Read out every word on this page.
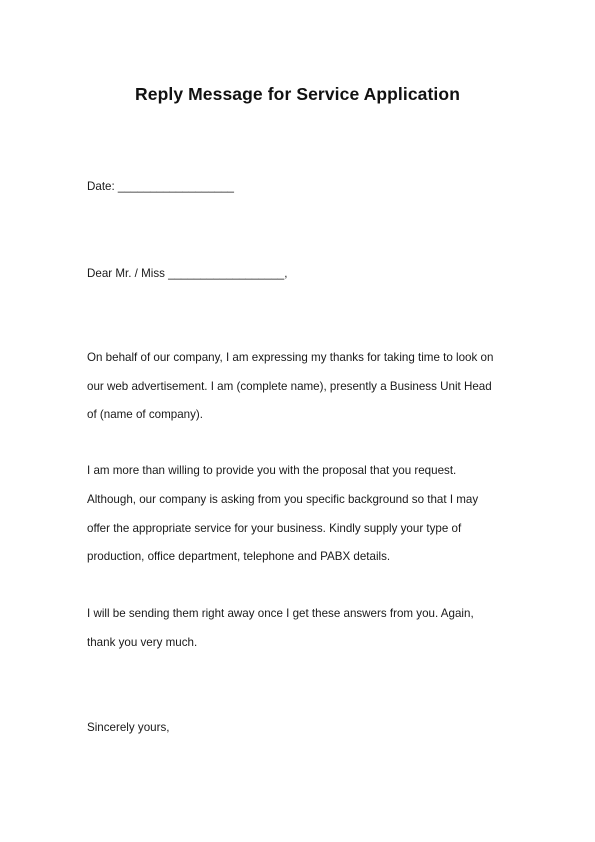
Reply Message for Service Application
Date: __________________
Dear Mr. / Miss __________________,
On behalf of our company, I am expressing my thanks for taking time to look on
our web advertisement. I am (complete name), presently a Business Unit Head
of (name of company).
I am more than willing to provide you with the proposal that you request.
Although, our company is asking from you specific background so that I may
offer the appropriate service for your business. Kindly supply your type of
production, office department, telephone and PABX details.
I will be sending them right away once I get these answers from you. Again,
thank you very much.
Sincerely yours,
